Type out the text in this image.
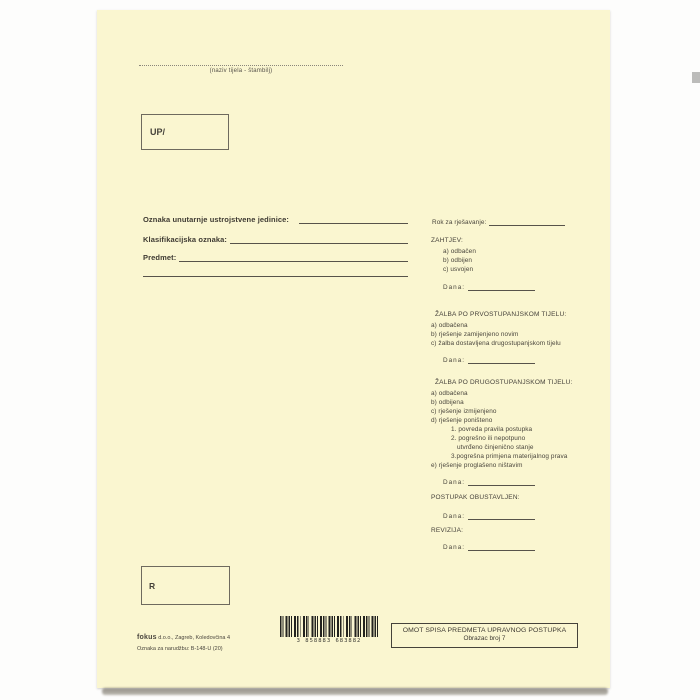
(naziv tijela - štambilj)
UP/
Oznaka unutarnje ustrojstvene jedinice:
Klasifikacijska oznaka:
Predmet:
Rok za rješavanje:
ZAHTJEV:
a) odbačen
b) odbijen
c) usvojen
Dana:
ŽALBA PO PRVOSTUPANJSKOM TIJELU:
a) odbačena
b) rješenje zamijenjeno novim
c) žalba dostavljena drugostupanjskom tijelu
Dana:
ŽALBA PO DRUGOSTUPANJSKOM TIJELU:
a) odbačena
b) odbijena
c) rješenje izmijenjeno
d) rješenje poništeno
1. povreda pravila postupka
2. pogrešno ili nepotpuno
utvrđeno činjenično stanje
3.pogrešna primjena materijalnog prava
e) rješenje proglašeno ništavim
Dana:
POSTUPAK OBUSTAVLJEN:
Dana:
REVIZIJA:
Dana:
R
fokus d.o.o., Zagreb, Koledovčina 4
Oznaka za narudžbu: B-148-U (20)
3 858883 683882
OMOT SPISA PREDMETA UPRAVNOG POSTUPKA
Obrazac broj 7
